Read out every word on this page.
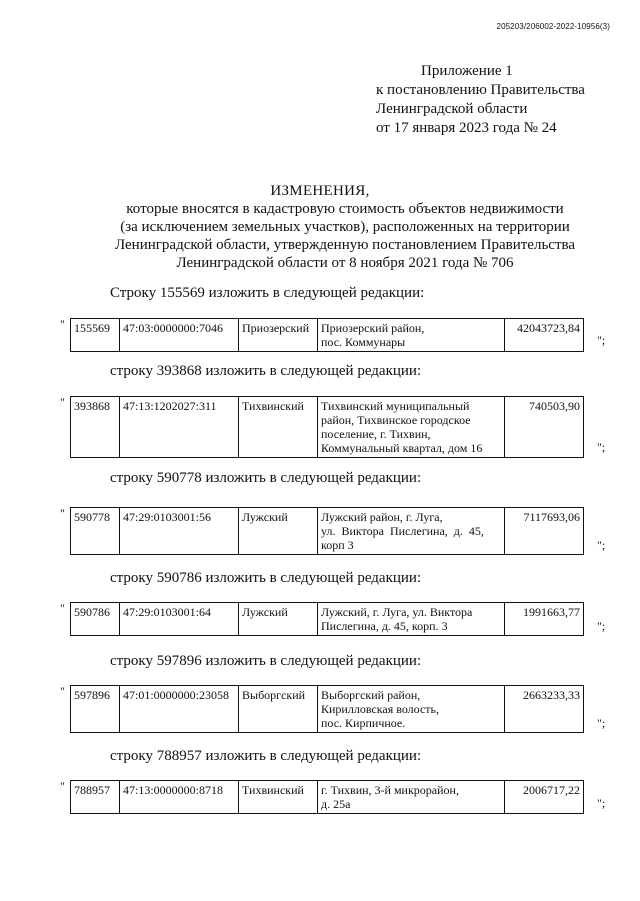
205203/206002-2022-10956(3)
Приложение 1
к постановлению Правительства
Ленинградской области
от 17 января 2023 года № 24
ИЗМЕНЕНИЯ,
которые вносятся в кадастровую стоимость объектов недвижимости
(за исключением земельных участков), расположенных на территории
Ленинградской области, утвержденную постановлением Правительства
Ленинградской области от 8 ноября 2021 года № 706
Строку 155569 изложить в следующей редакции:
" 155569	47:03:0000000:7046	Приозерский	Приозерский район,
пос. Коммунары
	42043723,84
";
строку 393868 изложить в следующей редакции:
" 393868	47:13:1202027:311	Тихвинский	Тихвинский муниципальный
район, Тихвинское городское
поселение, г. Тихвин,
Коммунальный квартал, дом 16
	740503,90
";
строку 590778 изложить в следующей редакции:
" 590778	47:29:0103001:56	Лужский	Лужский район, г. Луга,
ул. Виктора Пислегина, д. 45,
корп 3
	7117693,06
";
строку 590786 изложить в следующей редакции:
" 590786	47:29:0103001:64	Лужский	Лужский, г. Луга, ул. Виктора
Пислегина, д. 45, корп. 3
	1991663,77
";
строку 597896 изложить в следующей редакции:
" 597896	47:01:0000000:23058	Выборгский	Выборгский район,
Кирилловская волость,
пос. Кирпичное.
	2663233,33
";
строку 788957 изложить в следующей редакции:
" 788957	47:13:0000000:8718	Тихвинский	г. Тихвин, 3-й микрорайон,
д. 25а
	2006717,22
";
